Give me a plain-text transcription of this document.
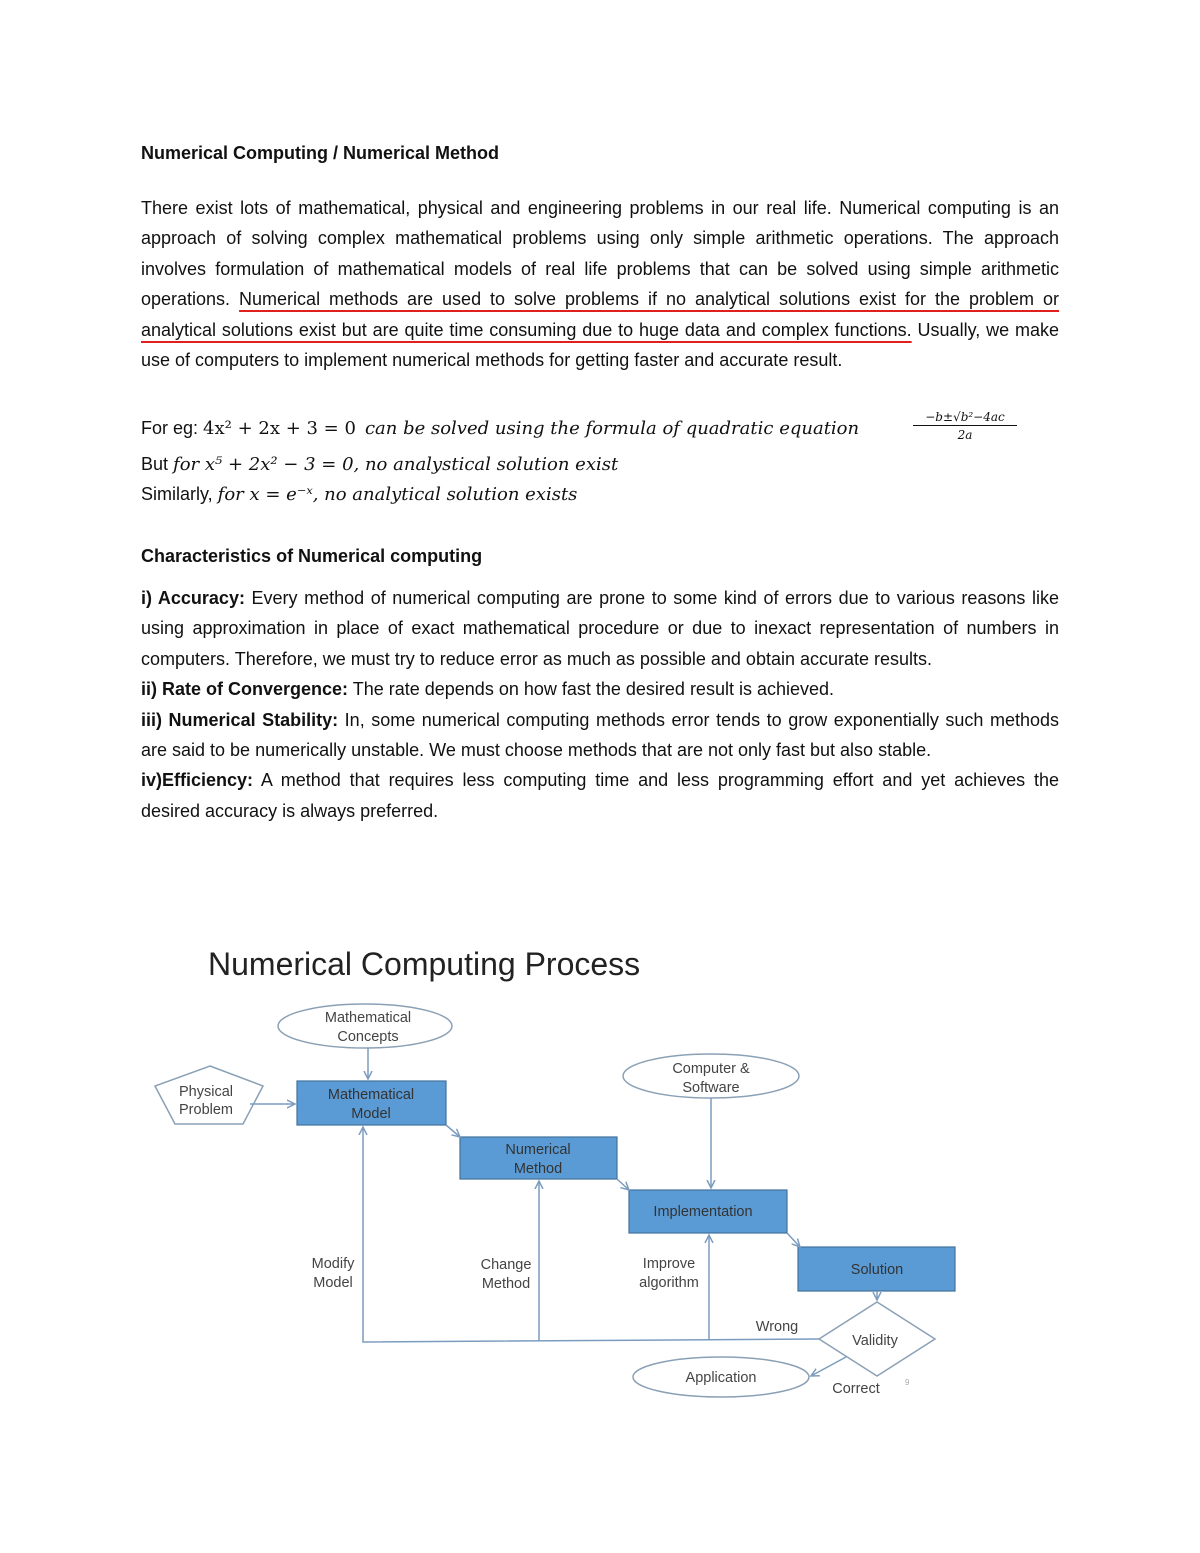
Numerical Computing / Numerical Method

There exist lots of mathematical, physical and engineering problems in our real life. Numerical computing is an approach of solving complex mathematical problems using only simple arithmetic operations. The approach involves formulation of mathematical models of real life problems that can be solved using simple arithmetic operations. Numerical methods are used to solve problems if no analytical solutions exist for the problem or analytical solutions exist but are quite time consuming due to huge data and complex functions. Usually, we make use of computers to implement numerical methods for getting faster and accurate result.

For eg: 4x² + 2x + 3 = 0 can be solved using the formula of quadratic equation	$\frac{\text{−b±√b²−4ac}}{2a}$
But for x⁵ + 2x² − 3 = 0, no analystical solution exist
Similarly, for x = e⁻ˣ, no analytical solution exists
Characteristics of Numerical computing

i) Accuracy: Every method of numerical computing are prone to some kind of errors due to various reasons like using approximation in place of exact mathematical procedure or due to inexact representation of numbers in computers. Therefore, we must try to reduce error as much as possible and obtain accurate results.

ii) Rate of Convergence: The rate depends on how fast the desired result is achieved.

iii) Numerical Stability: In, some numerical computing methods error tends to grow exponentially such methods are said to be numerically unstable. We must choose methods that are not only fast but also stable.

iv)Efficiency: A method that requires less computing time and less programming effort and yet achieves the desired accuracy is always preferred.

Numerical Computing Process
Mathematical
Concepts
Physical
Problem
Mathematical
Model
Numerical
Method
Computer &
Software
Implementation
Solution
Validity
Application
Modify
Model
Change
Method
Improve
algorithm
Wrong
Correct	9
